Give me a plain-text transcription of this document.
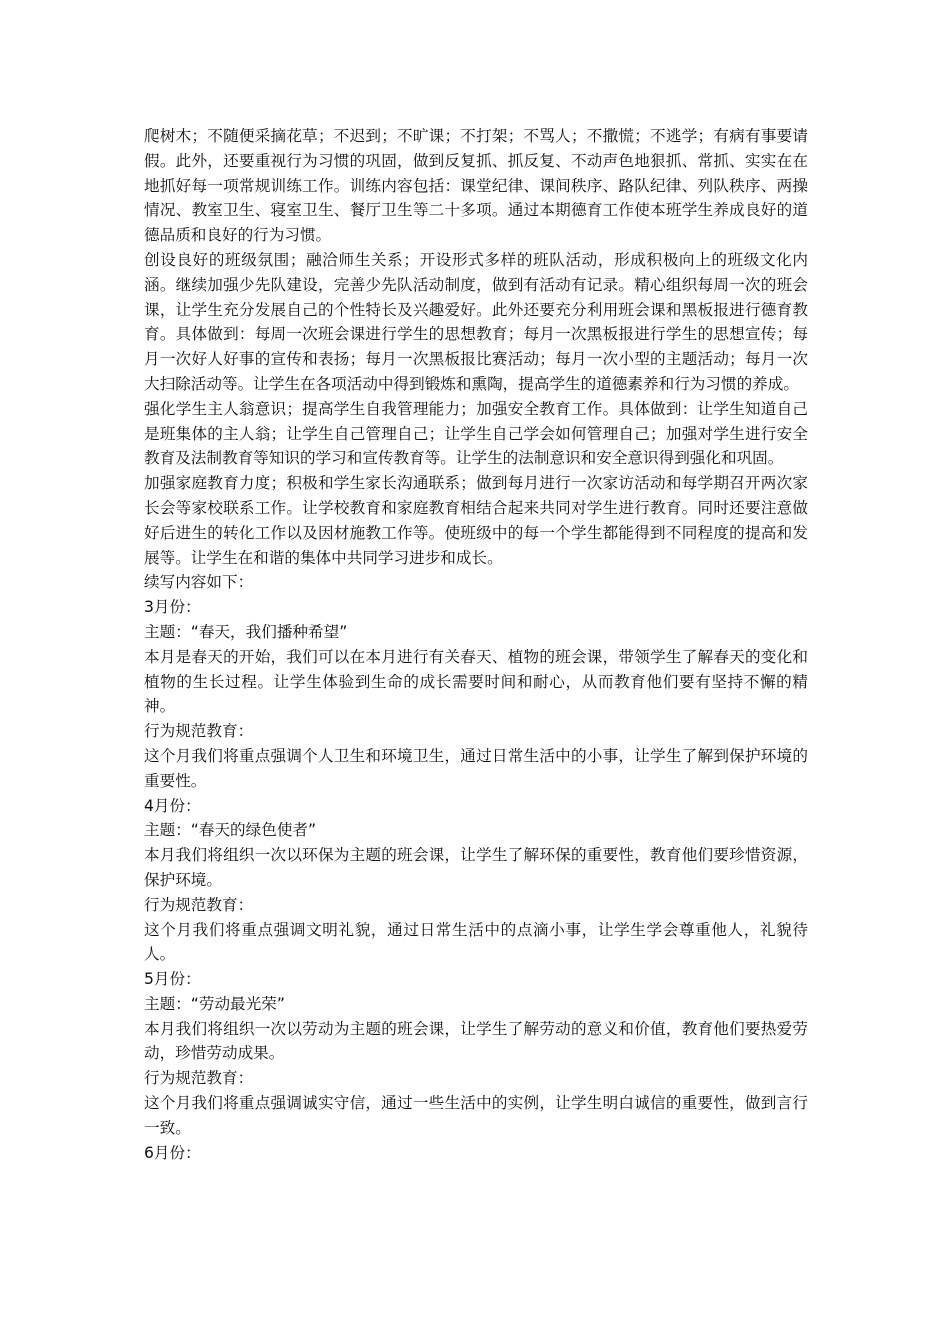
爬树木；不随便采摘花草；不迟到；不旷课；不打架；不骂人；不撒慌；不逃学；有病有事要请假。此外，还要重视行为习惯的巩固，做到反复抓、抓反复、不动声色地狠抓、常抓、实实在在地抓好每一项常规训练工作。训练内容包括：课堂纪律、课间秩序、路队纪律、列队秩序、两操情况、教室卫生、寝室卫生、餐厅卫生等二十多项。通过本期德育工作使本班学生养成良好的道德品质和良好的行为习惯。

创设良好的班级氛围；融洽师生关系；开设形式多样的班队活动，形成积极向上的班级文化内涵。继续加强少先队建设，完善少先队活动制度，做到有活动有记录。精心组织每周一次的班会课，让学生充分发展自己的个性特长及兴趣爱好。此外还要充分利用班会课和黑板报进行德育教育。具体做到：每周一次班会课进行学生的思想教育；每月一次黑板报进行学生的思想宣传；每月一次好人好事的宣传和表扬；每月一次黑板报比赛活动；每月一次小型的主题活动；每月一次大扫除活动等。让学生在各项活动中得到锻炼和熏陶，提高学生的道德素养和行为习惯的养成。

强化学生主人翁意识；提高学生自我管理能力；加强安全教育工作。具体做到：让学生知道自己是班集体的主人翁；让学生自己管理自己；让学生自己学会如何管理自己；加强对学生进行安全教育及法制教育等知识的学习和宣传教育等。让学生的法制意识和安全意识得到强化和巩固。

加强家庭教育力度；积极和学生家长沟通联系；做到每月进行一次家访活动和每学期召开两次家长会等家校联系工作。让学校教育和家庭教育相结合起来共同对学生进行教育。同时还要注意做好后进生的转化工作以及因材施教工作等。使班级中的每一个学生都能得到不同程度的提高和发展等。让学生在和谐的集体中共同学习进步和成长。

续写内容如下：

3月份：

主题：“春天，我们播种希望”

本月是春天的开始，我们可以在本月进行有关春天、植物的班会课，带领学生了解春天的变化和植物的生长过程。让学生体验到生命的成长需要时间和耐心，从而教育他们要有坚持不懈的精神。

行为规范教育：

这个月我们将重点强调个人卫生和环境卫生，通过日常生活中的小事，让学生了解到保护环境的重要性。

4月份：

主题：“春天的绿色使者”

本月我们将组织一次以环保为主题的班会课，让学生了解环保的重要性，教育他们要珍惜资源，保护环境。

行为规范教育：

这个月我们将重点强调文明礼貌，通过日常生活中的点滴小事，让学生学会尊重他人，礼貌待人。

5月份：

主题：“劳动最光荣”

本月我们将组织一次以劳动为主题的班会课，让学生了解劳动的意义和价值，教育他们要热爱劳动，珍惜劳动成果。

行为规范教育：

这个月我们将重点强调诚实守信，通过一些生活中的实例，让学生明白诚信的重要性，做到言行一致。

6月份：
